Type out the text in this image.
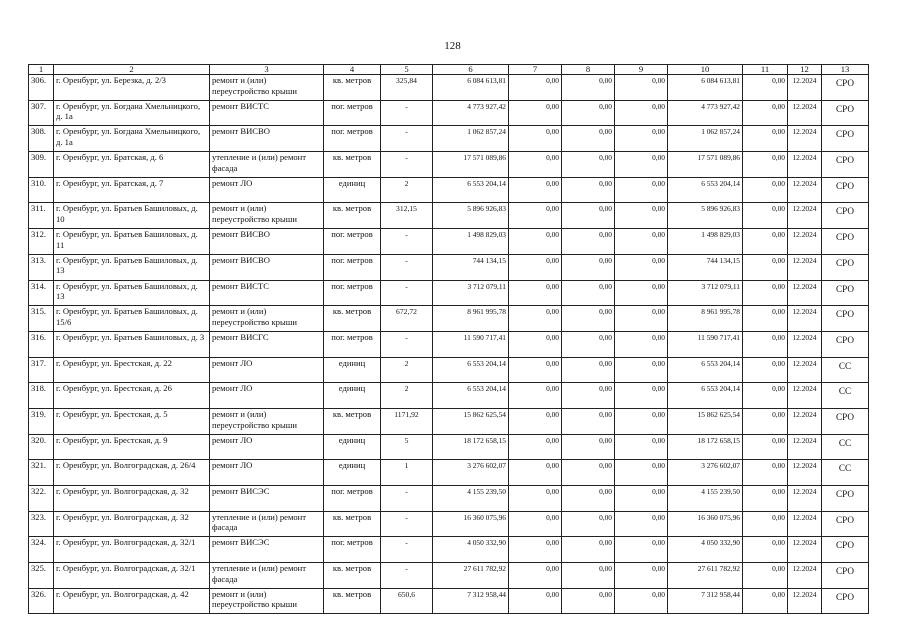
128
1	2	3	4	5	6	7	8	9	10	11	12	13
306.	г. Оренбург, ул. Березка, д. 2/3	ремонт и (или) переустройство крыши	кв. метров	325,84	6 084 613,81	0,00	0,00	0,00	6 084 613,81	0,00	12.2024	СРО
307.	г. Оренбург, ул. Богдана Хмельницкого, д. 1а	ремонт ВИСТС	пог. метров	-	4 773 927,42	0,00	0,00	0,00	4 773 927,42	0,00	12.2024	СРО
308.	г. Оренбург, ул. Богдана Хмельницкого, д. 1а	ремонт ВИСВО	пог. метров	-	1 062 857,24	0,00	0,00	0,00	1 062 857,24	0,00	12.2024	СРО
309.	г. Оренбург, ул. Братская, д. 6	утепление и (или) ремонт фасада	кв. метров	-	17 571 089,86	0,00	0,00	0,00	17 571 089,86	0,00	12.2024	СРО
310.	г. Оренбург, ул. Братская, д. 7	ремонт ЛО	единиц	2	6 553 204,14	0,00	0,00	0,00	6 553 204,14	0,00	12.2024	СРО
311.	г. Оренбург, ул. Братьев Башиловых, д. 10	ремонт и (или) переустройство крыши	кв. метров	312,15	5 896 926,83	0,00	0,00	0,00	5 896 926,83	0,00	12.2024	СРО
312.	г. Оренбург, ул. Братьев Башиловых, д. 11	ремонт ВИСВО	пог. метров	-	1 498 829,03	0,00	0,00	0,00	1 498 829,03	0,00	12.2024	СРО
313.	г. Оренбург, ул. Братьев Башиловых, д. 13	ремонт ВИСВО	пог. метров	-	744 134,15	0,00	0,00	0,00	744 134,15	0,00	12.2024	СРО
314.	г. Оренбург, ул. Братьев Башиловых, д. 13	ремонт ВИСТС	пог. метров	-	3 712 079,11	0,00	0,00	0,00	3 712 079,11	0,00	12.2024	СРО
315.	г. Оренбург, ул. Братьев Башиловых, д. 15/6	ремонт и (или) переустройство крыши	кв. метров	672,72	8 961 995,78	0,00	0,00	0,00	8 961 995,78	0,00	12.2024	СРО
316.	г. Оренбург, ул. Братьев Башиловых, д. 3	ремонт ВИСГС	пог. метров	-	11 590 717,41	0,00	0,00	0,00	11 590 717,41	0,00	12.2024	СРО
317.	г. Оренбург, ул. Брестская, д. 22	ремонт ЛО	единиц	2	6 553 204,14	0,00	0,00	0,00	6 553 204,14	0,00	12.2024	СС
318.	г. Оренбург, ул. Брестская, д. 26	ремонт ЛО	единиц	2	6 553 204,14	0,00	0,00	0,00	6 553 204,14	0,00	12.2024	СС
319.	г. Оренбург, ул. Брестская, д. 5	ремонт и (или) переустройство крыши	кв. метров	1171,92	15 862 625,54	0,00	0,00	0,00	15 862 625,54	0,00	12.2024	СРО
320.	г. Оренбург, ул. Брестская, д. 9	ремонт ЛО	единиц	5	18 172 658,15	0,00	0,00	0,00	18 172 658,15	0,00	12.2024	СС
321.	г. Оренбург, ул. Волгоградская, д. 26/4	ремонт ЛО	единиц	1	3 276 602,07	0,00	0,00	0,00	3 276 602,07	0,00	12.2024	СС
322.	г. Оренбург, ул. Волгоградская, д. 32	ремонт ВИСЭС	пог. метров	-	4 155 239,50	0,00	0,00	0,00	4 155 239,50	0,00	12.2024	СРО
323.	г. Оренбург, ул. Волгоградская, д. 32	утепление и (или) ремонт фасада	кв. метров	-	16 360 075,96	0,00	0,00	0,00	16 360 075,96	0,00	12.2024	СРО
324.	г. Оренбург, ул. Волгоградская, д. 32/1	ремонт ВИСЭС	пог. метров	-	4 050 332,90	0,00	0,00	0,00	4 050 332,90	0,00	12.2024	СРО
325.	г. Оренбург, ул. Волгоградская, д. 32/1	утепление и (или) ремонт фасада	кв. метров	-	27 611 782,92	0,00	0,00	0,00	27 611 782,92	0,00	12.2024	СРО
326.	г. Оренбург, ул. Волгоградская, д. 42	ремонт и (или) переустройство крыши	кв. метров	650,6	7 312 958,44	0,00	0,00	0,00	7 312 958,44	0,00	12.2024	СРО
